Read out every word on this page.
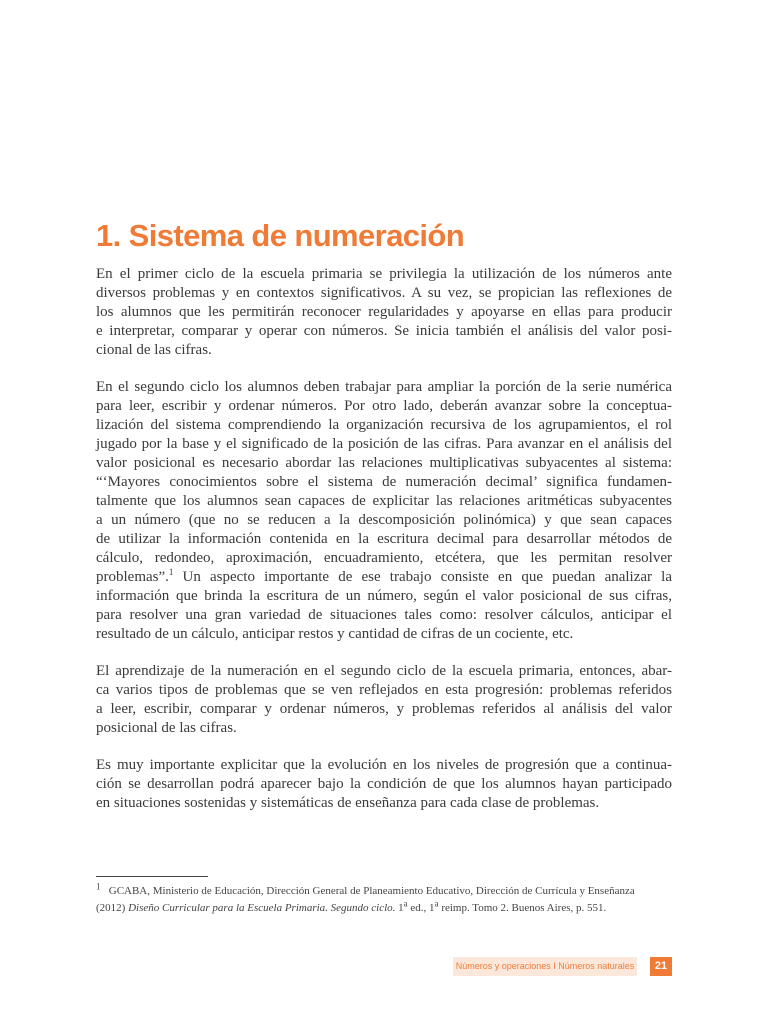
1. Sistema de numeración

En el primer ciclo de la escuela primaria se privilegia la utilización de los números ante
diversos problemas y en contextos significativos. A su vez, se propician las reflexiones de
los alumnos que les permitirán reconocer regularidades y apoyarse en ellas para producir
e interpretar, comparar y operar con números. Se inicia también el análisis del valor posi-
cional de las cifras.

En el segundo ciclo los alumnos deben trabajar para ampliar la porción de la serie numérica
para leer, escribir y ordenar números. Por otro lado, deberán avanzar sobre la conceptua-
lización del sistema comprendiendo la organización recursiva de los agrupamientos, el rol
jugado por la base y el significado de la posición de las cifras. Para avanzar en el análisis del
valor posicional es necesario abordar las relaciones multiplicativas subyacentes al sistema:
“‘Mayores conocimientos sobre el sistema de numeración decimal’ significa fundamen-
talmente que los alumnos sean capaces de explicitar las relaciones aritméticas subyacentes
a un número (que no se reducen a la descomposición polinómica) y que sean capaces
de utilizar la información contenida en la escritura decimal para desarrollar métodos de
cálculo, redondeo, aproximación, encuadramiento, etcétera, que les permitan resolver
problemas”.$^1$ Un aspecto importante de ese trabajo consiste en que puedan analizar la
información que brinda la escritura de un número, según el valor posicional de sus cifras,
para resolver una gran variedad de situaciones tales como: resolver cálculos, anticipar el
resultado de un cálculo, anticipar restos y cantidad de cifras de un cociente, etc.

El aprendizaje de la numeración en el segundo ciclo de la escuela primaria, entonces, abar-
ca varios tipos de problemas que se ven reflejados en esta progresión: problemas referidos
a leer, escribir, comparar y ordenar números, y problemas referidos al análisis del valor
posicional de las cifras.

Es muy importante explicitar que la evolución en los niveles de progresión que a continua-
ción se desarrollan podrá aparecer bajo la condición de que los alumnos hayan participado
en situaciones sostenidas y sistemáticas de enseñanza para cada clase de problemas.

$^1$ GCABA, Ministerio de Educación, Dirección General de Planeamiento Educativo, Dirección de Currícula y Enseñanza
(2012) Diseño Curricular para la Escuela Primaria. Segundo ciclo. 1$^a$ ed., 1$^a$ reimp. Tomo 2. Buenos Aires, p. 551.
Números y operaciones I Números naturales	21
